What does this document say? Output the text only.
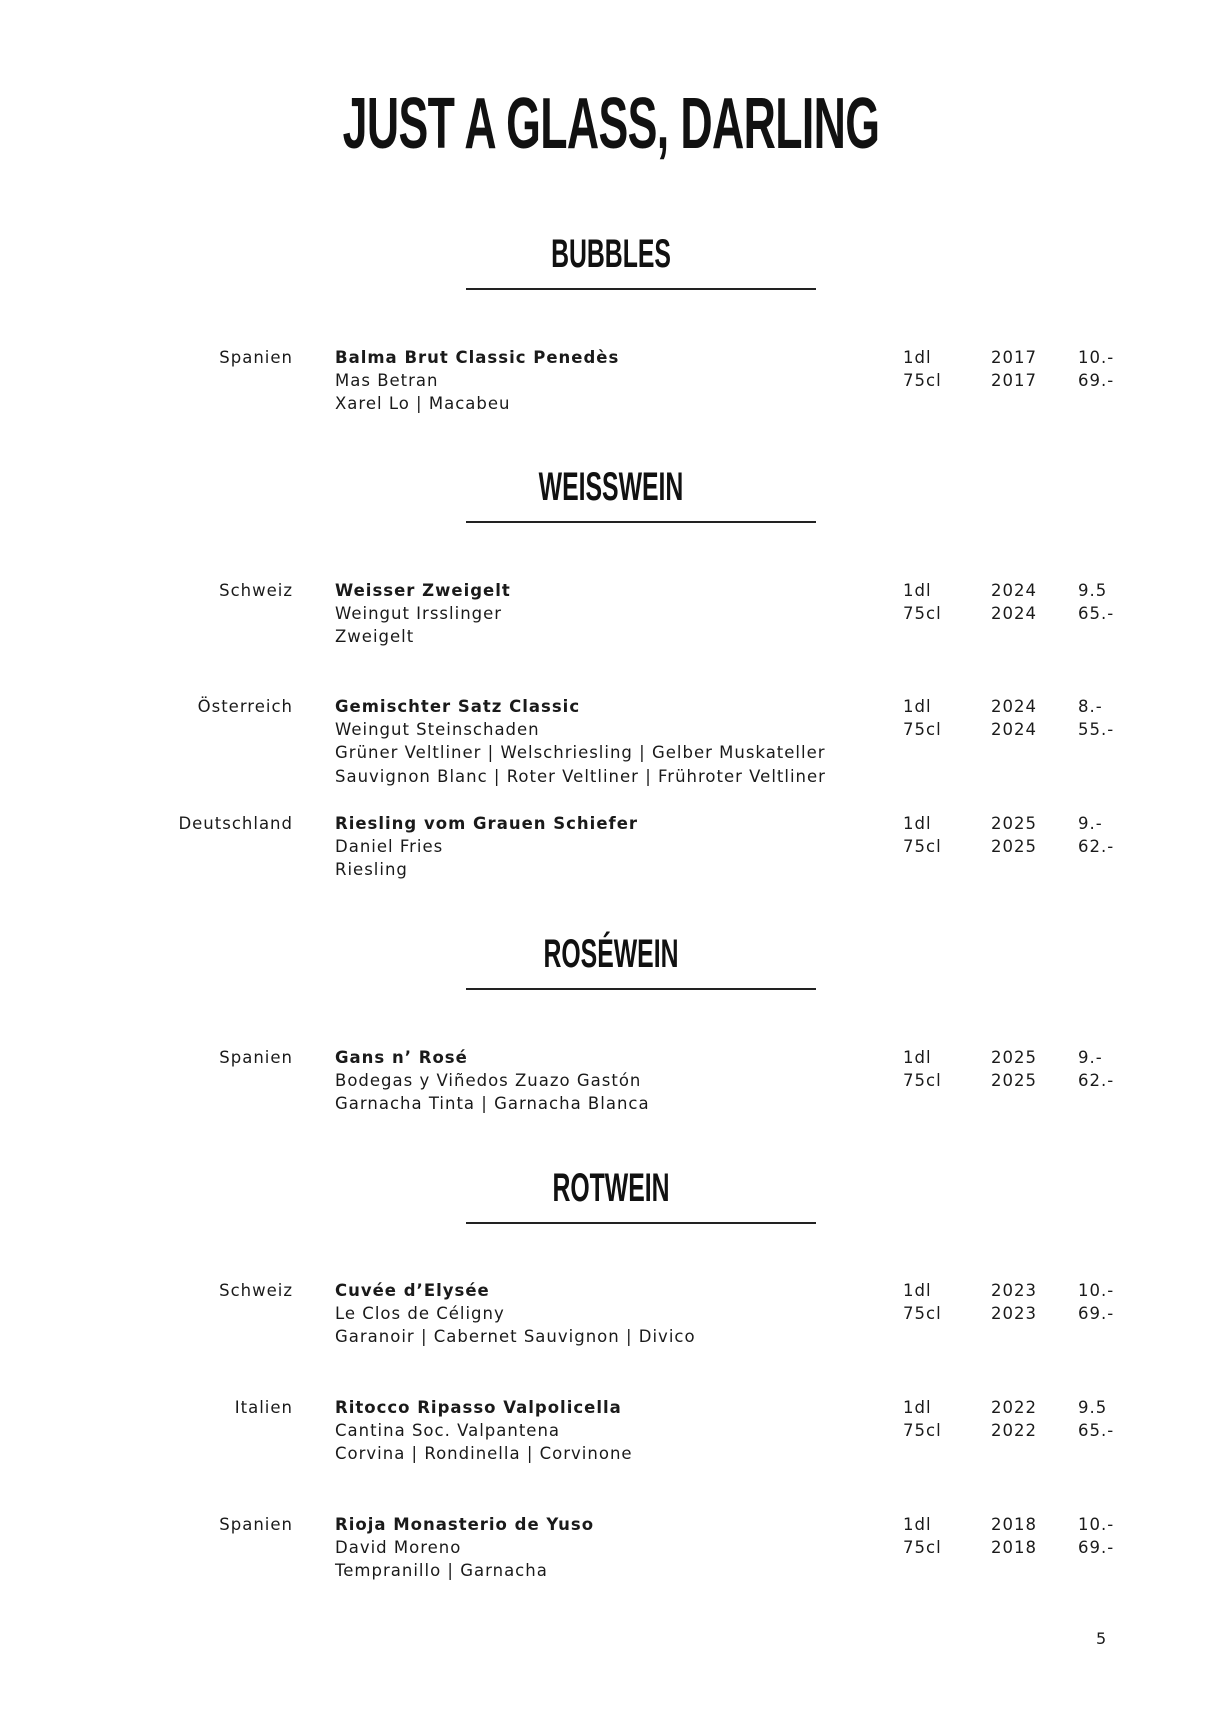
JUST A GLASS, DARLING
BUBBLES
Spanien	Balma Brut Classic Penedès
Mas Betran
Xarel Lo | Macabeu
1dl	2017 10.-
75cl	2017 69.-
WEISSWEIN
Schweiz	Weisser Zweigelt
Weingut Irsslinger
Zweigelt
1dl	2024 9.5
75cl	2024 65.-
Österreich	Gemischter Satz Classic
Weingut Steinschaden
Grüner Veltliner | Welschriesling | Gelber Muskateller
Sauvignon Blanc | Roter Veltliner | Frühroter Veltliner
1dl	2024 8.-
75cl	2024 55.-
Deutschland	Riesling vom Grauen Schiefer
Daniel Fries
Riesling
1dl	2025 9.-
75cl	2025 62.-
ROSÉWEIN
Spanien	Gans n’ Rosé
Bodegas y Viñedos Zuazo Gastón
Garnacha Tinta | Garnacha Blanca
1dl	2025 9.-
75cl	2025 62.-
ROTWEIN
Schweiz	Cuvée d’Elysée
Le Clos de Céligny
Garanoir | Cabernet Sauvignon | Divico
1dl	2023 10.-
75cl	2023 69.-
Italien	Ritocco Ripasso Valpolicella
Cantina Soc. Valpantena
Corvina | Rondinella | Corvinone
1dl	2022 9.5
75cl	2022 65.-
Spanien	Rioja Monasterio de Yuso
David Moreno
Tempranillo | Garnacha
1dl	2018 10.-
75cl	2018 69.-
5
